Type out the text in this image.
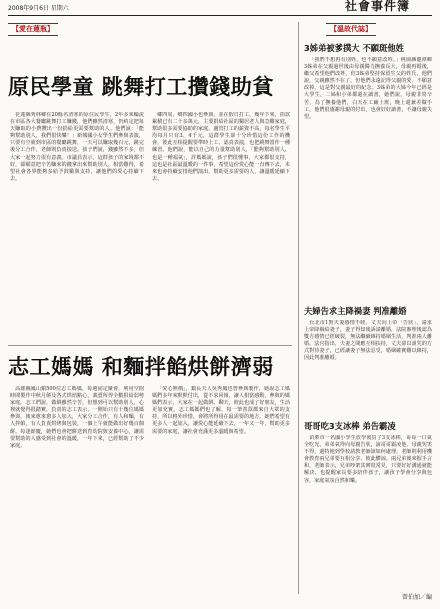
2008年9月6日 星期六	社會事件簿
【愛在蓮瓶】
原民學童 跳舞打工攢錢助貧

花蓮縣秀林鄉有20餘名清寒的原住民學生，2年多來輪流在市區各大餐廳跳舞打工賺錢，他們雖然清寒，仍約定把每天賺取的小費攢出一份捐給更需要幫助的人。他們說：「能夠幫助別人，我們很快樂！」新城國小女學生們參與表演，只要有空就到市區的餐廳跳舞，一天可以賺取幾百元，跳完後分工合作，老師則負責接送。孩子們說，錢雖然不多，但大家一起努力很有意義。市議員表示，這群孩子的家境都不好，卻願意把辛苦賺來的錢拿出來幫助別人，相當難得，希望社會各界能夠多給予鼓勵與支持，讓他們的愛心持續下去。

鄉四周，鄉四國小也參與，並在假日打工，幾年下來，捐款累積已有二十多萬元，主要捐給社區的獨居老人與急難家庭，幫助很多需要協助的家庭。盧管打工的薪資不高，每名學生平均每月只有3、4千元，這群學生卻十分珍惜這份工作的機會，彼此互相提醒要準時上工、認真表演，也把跳舞當作一種練習。他們說，能以自己的力量幫助別人，「能夠幫助別人，也是一種福氣」，許媽媽說，孩子們很懂事，大家都很支持，這也是社區最溫暖的一件事，希望這份愛心能一直傳下去，未來也會持續安排他們演出，幫助更多需要的人，讓溫暖延續下去。

志工媽媽 和麵拌餡烘餅濟弱

高雄縣鳳山鎮500位志工媽媽，每週固定聚會，利用空閒時間製作中秋月餅及各式烘焙點心，義賣所得全數捐給弱勢家庭。志工們說，做餅雖然辛苦，但想到可以幫助別人，心裡就覺得很踏實。負責的志工表示，一開始只有十幾位媽媽參與，後來愈來愈多人加入，大家分工合作，有人和麵，有人拌餡，有人負責烘烤與包裝，一個上午就能做出好幾百個餅。每逢節慶，她們也會把餅送到育幼院與安養中心，讓需要幫助的人感受到社會的溫暖，一年下來，已經幫助了不少家庭。

「愛心無價」，鎮長夫人吳秀鳳也曾參與製作，她說志工媽媽們多年來默默付出，從不求回報，讓人相當感動。參與的媽媽們表示，大家在一起做餅、聊天，彼此也成了好朋友，生活更加充實。志工媽媽們也了解，每一筆善款都來自大眾的支持，所以格外珍惜，會將所得用在最需要的地方。她們希望有更多人一起加入，讓愛心能延續下去，一年又一年，幫助更多需要的家庭，讓社會充滿更多溫暖與希望。

【溫故代誌】
3姊弟被爹撲大 不願斑他姓

「我們不想再有別姓，也不願意改姓。」桃園縣龍潭鄉3姊弟在父親過世後由母親獨力撫養長大，母親再婚後，繼父希望他們改姓，但3姊弟堅持保留生父的姓氏，他們說，父親雖然不在了，但他們永遠記得父親的愛，不願意改掉，這是對父親最好的紀念。3姊弟的大姊今年已經是大學生，二姊和小弟都還在讀書，她們說，母親非常辛苦，為了撫養他們，白天在工廠上班，晚上還兼差做手工，他們很感謝母親的付出，也會好好讀書，不讓母親失望。

夫婦告求主降禍妻 判准離婚

台北市1對夫妻感情不睦，丈夫向上帝「告狀」，請求上帝降禍給妻子，妻子得知後訴請離婚，法院審理後認為雙方感情已經破裂，無法繼續維持婚姻生活，判准兩人離婚。法官指出，夫妻之間應互相扶持，丈夫卻以詛咒的方式對待妻子，已經讓妻子無法忍受，婚姻確實難以維持，因此判准離婚。

哥哥吃3支冰棒 弟告霸凌

苗栗市一名國小學生放學後買了3支冰棒，哥哥一口氣全吃光，弟弟氣得向母親告狀，說哥哥霸凌他，母親哭笑不得，還特地到學校請教老師該如何處理，老師則利用機會教育兩兄弟要互相分享、彼此體諒。兩兄弟後來握手言和，老師表示，兄弟吵架其實很常見，只要好好溝通就能解決，也提醒家長要多陪伴孩子，讓孩子學會分享與包容，家庭氣氛自然和樂。

曾伯加／編
